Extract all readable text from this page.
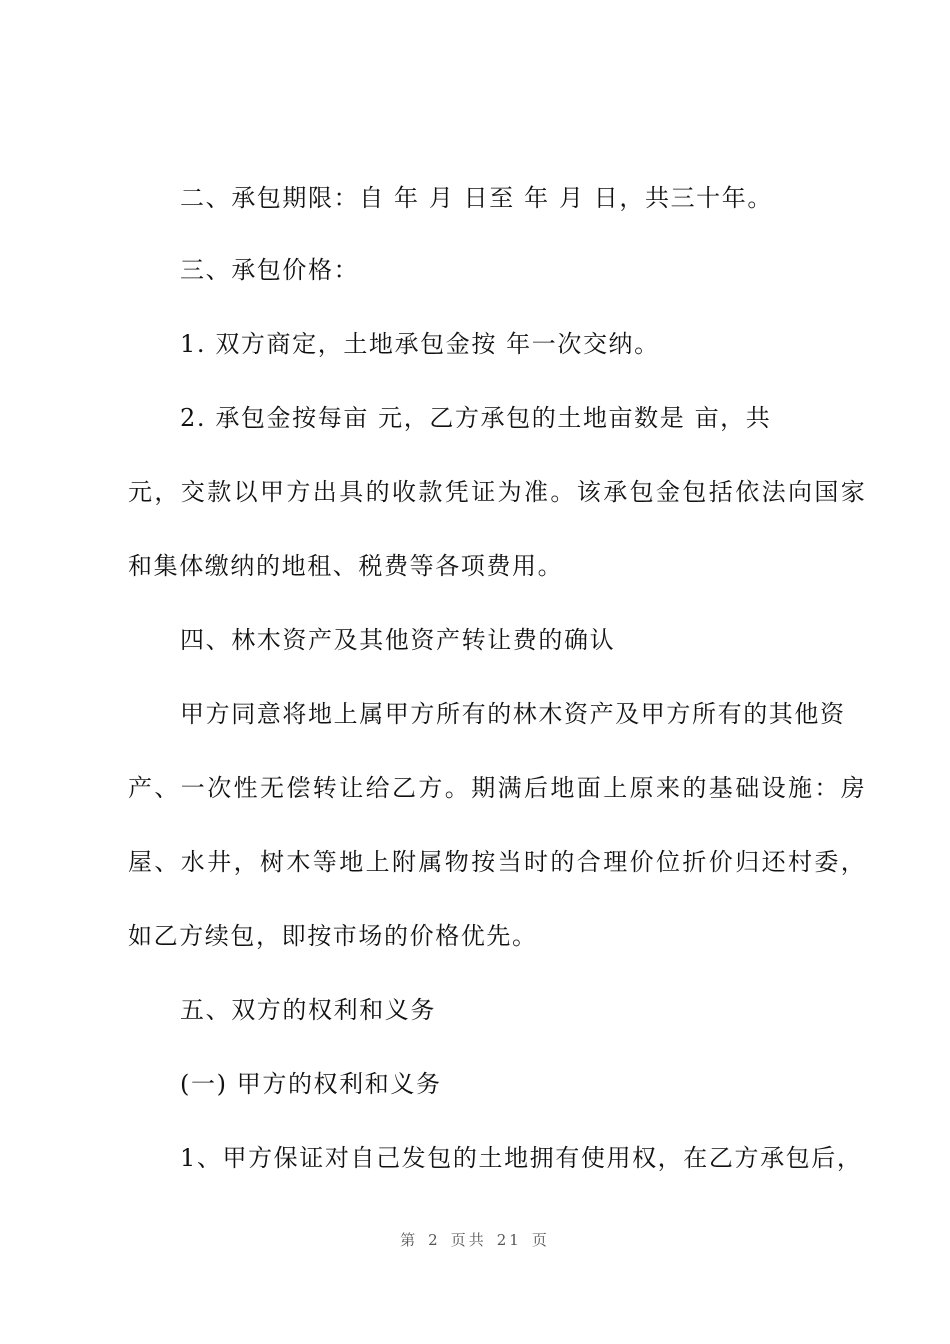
二、承包期限：自 年 月 日至 年 月 日，共三十年。
三、承包价格：
1. 双方商定，土地承包金按 年一次交纳。
2. 承包金按每亩 元，乙方承包的土地亩数是 亩，共
元，交款以甲方出具的收款凭证为准。该承包金包括依法向国家
和集体缴纳的地租、税费等各项费用。
四、林木资产及其他资产转让费的确认
甲方同意将地上属甲方所有的林木资产及甲方所有的其他资
产、一次性无偿转让给乙方。期满后地面上原来的基础设施：房
屋、水井，树木等地上附属物按当时的合理价位折价归还村委，
如乙方续包，即按市场的价格优先。
五、双方的权利和义务
(一) 甲方的权利和义务
1、甲方保证对自己发包的土地拥有使用权，在乙方承包后，
第 2 页共 21 页
